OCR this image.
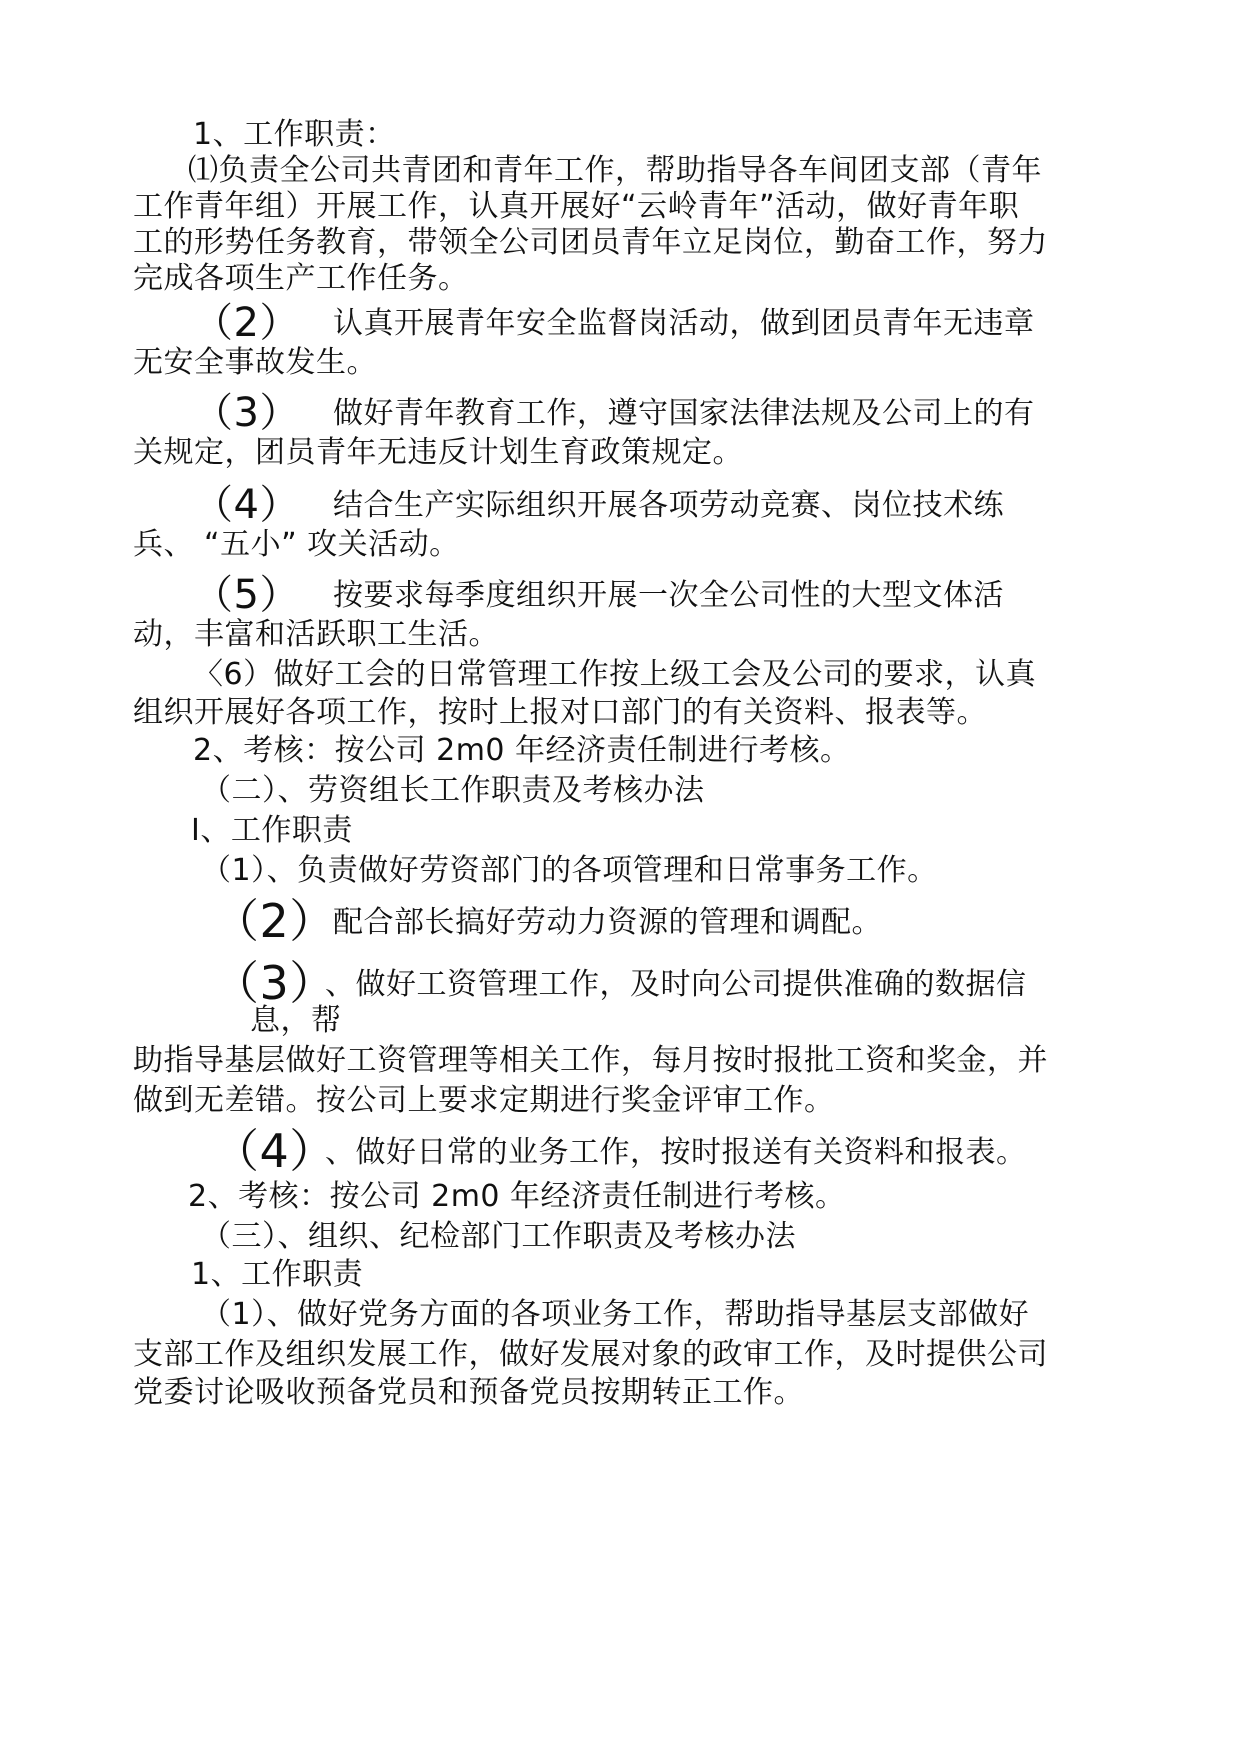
1、工作职责：
⑴负责全公司共青团和青年工作，帮助指导各车间团支部（青年
工作青年组）开展工作，认真开展好“云岭青年”活动，做好青年职
工的形势任务教育，带领全公司团员青年立足岗位，勤奋工作，努力
完成各项生产工作任务。
（2） 认真开展青年安全监督岗活动，做到团员青年无违章
无安全事故发生。
（3） 做好青年教育工作，遵守国家法律法规及公司上的有
关规定，团员青年无违反计划生育政策规定。
（4） 结合生产实际组织开展各项劳动竞赛、岗位技术练
兵、 “五小” 攻关活动。
（5） 按要求每季度组织开展一次全公司性的大型文体活
动，丰富和活跃职工生活。
〈6）做好工会的日常管理工作按上级工会及公司的要求，认真
组织开展好各项工作，按时上报对口部门的有关资料、报表等。
2、考核：按公司 2m0 年经济责任制进行考核。
（二）、劳资组长工作职责及考核办法
I、工作职责
（1）、负责做好劳资部门的各项管理和日常事务工作。
（2）配合部长搞好劳动力资源的管理和调配。
（3）、做好工资管理工作，及时向公司提供准确的数据信
息，帮
助指导基层做好工资管理等相关工作，每月按时报批工资和奖金，并
做到无差错。按公司上要求定期进行奖金评审工作。
（4）、做好日常的业务工作，按时报送有关资料和报表。
2、考核：按公司 2m0 年经济责任制进行考核。
（三）、组织、纪检部门工作职责及考核办法
1、工作职责
（1）、做好党务方面的各项业务工作，帮助指导基层支部做好
支部工作及组织发展工作，做好发展对象的政审工作，及时提供公司
党委讨论吸收预备党员和预备党员按期转正工作。
